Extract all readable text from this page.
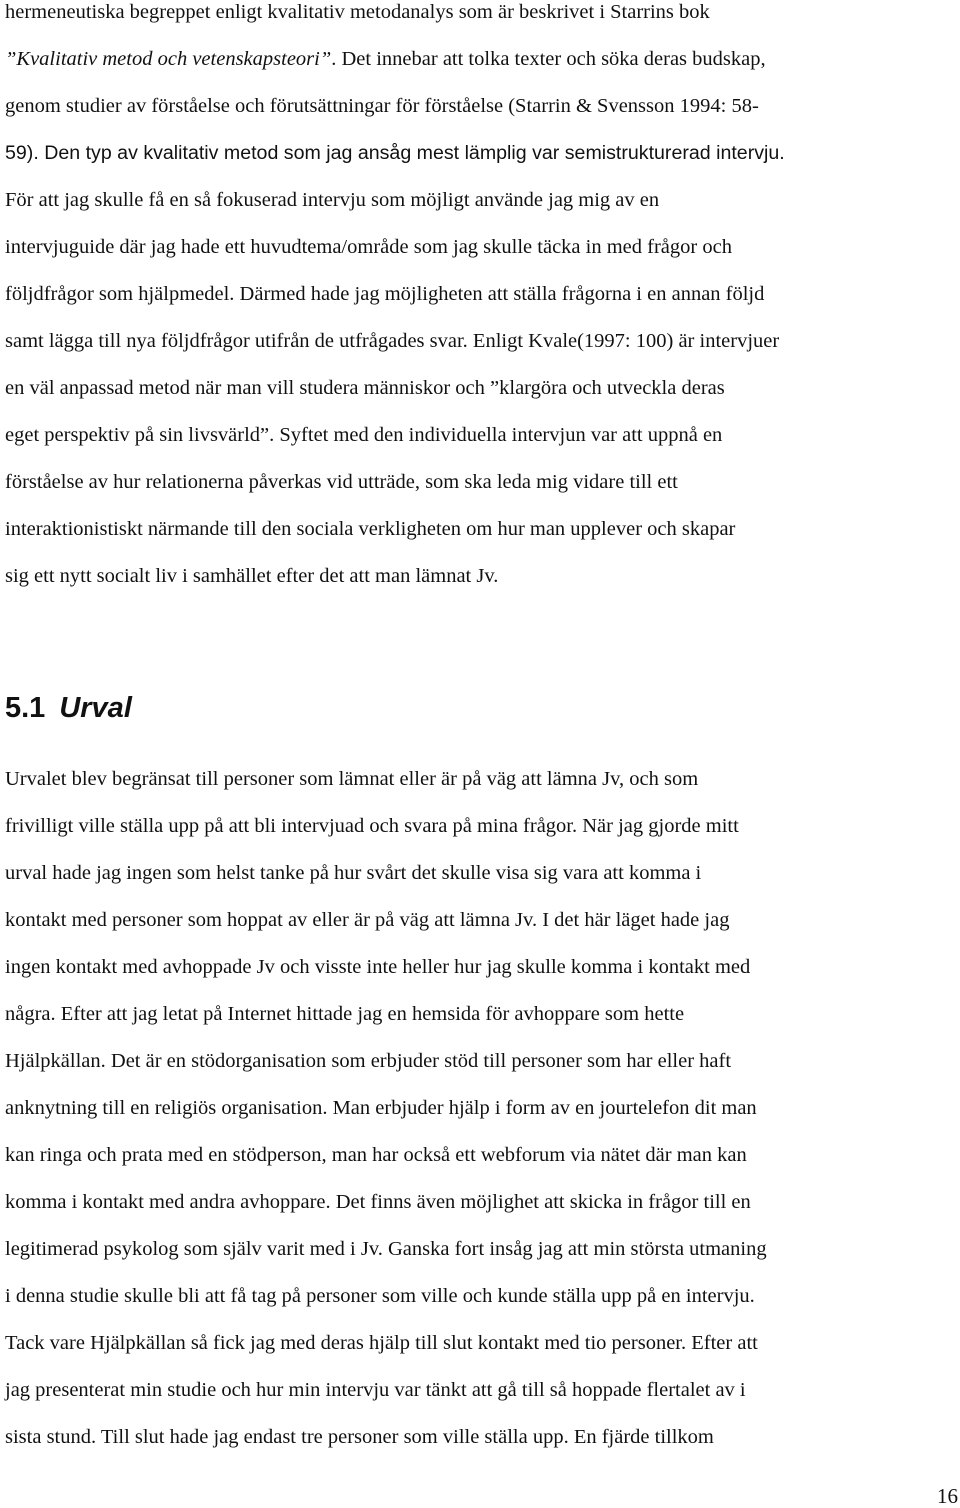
hermeneutiska begreppet enligt kvalitativ metodanalys som är beskrivet i Starrins bok

”Kvalitativ metod och vetenskapsteori”. Det innebar att tolka texter och söka deras budskap,

genom studier av förståelse och förutsättningar för förståelse (Starrin & Svensson 1994: 58-

59). Den typ av kvalitativ metod som jag ansåg mest lämplig var semistrukturerad intervju.

För att jag skulle få en så fokuserad intervju som möjligt använde jag mig av en

intervjuguide där jag hade ett huvudtema/område som jag skulle täcka in med frågor och

följdfrågor som hjälpmedel. Därmed hade jag möjligheten att ställa frågorna i en annan följd

samt lägga till nya följdfrågor utifrån de utfrågades svar. Enligt Kvale(1997: 100) är intervjuer

en väl anpassad metod när man vill studera människor och ”klargöra och utveckla deras

eget perspektiv på sin livsvärld”. Syftet med den individuella intervjun var att uppnå en

förståelse av hur relationerna påverkas vid utträde, som ska leda mig vidare till ett

interaktionistiskt närmande till den sociala verkligheten om hur man upplever och skapar

sig ett nytt socialt liv i samhället efter det att man lämnat Jv.

5.1 Urval

Urvalet blev begränsat till personer som lämnat eller är på väg att lämna Jv, och som

frivilligt ville ställa upp på att bli intervjuad och svara på mina frågor. När jag gjorde mitt

urval hade jag ingen som helst tanke på hur svårt det skulle visa sig vara att komma i

kontakt med personer som hoppat av eller är på väg att lämna Jv. I det här läget hade jag

ingen kontakt med avhoppade Jv och visste inte heller hur jag skulle komma i kontakt med

några. Efter att jag letat på Internet hittade jag en hemsida för avhoppare som hette

Hjälpkällan. Det är en stödorganisation som erbjuder stöd till personer som har eller haft

anknytning till en religiös organisation. Man erbjuder hjälp i form av en jourtelefon dit man

kan ringa och prata med en stödperson, man har också ett webforum via nätet där man kan

komma i kontakt med andra avhoppare. Det finns även möjlighet att skicka in frågor till en

legitimerad psykolog som själv varit med i Jv. Ganska fort insåg jag att min största utmaning

i denna studie skulle bli att få tag på personer som ville och kunde ställa upp på en intervju.

Tack vare Hjälpkällan så fick jag med deras hjälp till slut kontakt med tio personer. Efter att

jag presenterat min studie och hur min intervju var tänkt att gå till så hoppade flertalet av i

sista stund. Till slut hade jag endast tre personer som ville ställa upp. En fjärde tillkom

16
